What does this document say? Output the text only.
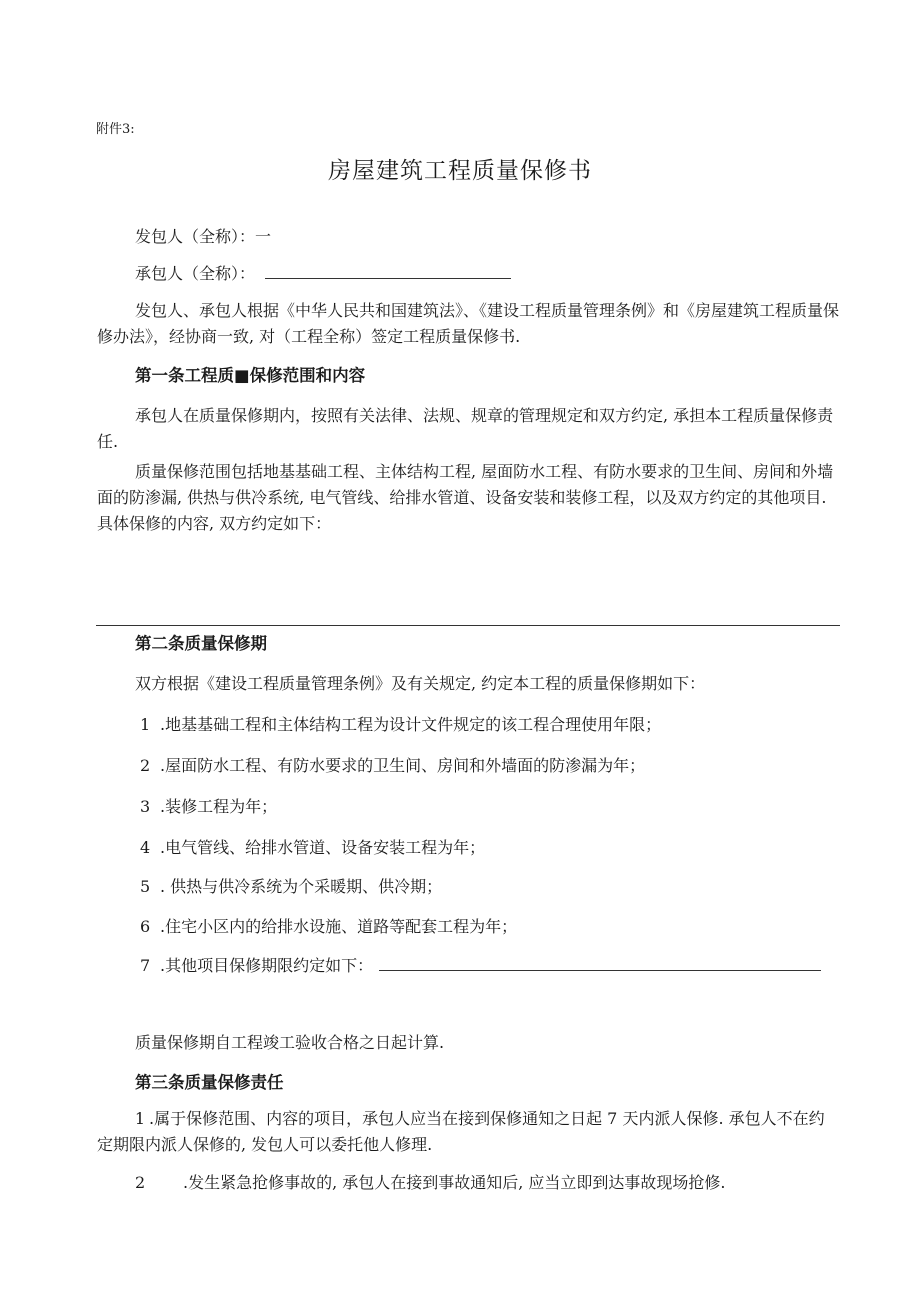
附件3:
房屋建筑工程质量保修书
发包人（全称）：一
承包人（全称）：
发包人、承包人根据《中华人民共和国建筑法》、《建设工程质量管理条例》和《房屋建筑工程质量保修办法》，经协商一致, 对（工程全称）签定工程质量保修书.
第一条工程质■保修范围和内容
承包人在质量保修期内，按照有关法律、法规、规章的管理规定和双方约定, 承担本工程质量保修责任.
质量保修范围包括地基基础工程、主体结构工程, 屋面防水工程、有防水要求的卫生间、房间和外墙面的防渗漏, 供热与供冷系统, 电气管线、给排水管道、设备安装和装修工程，以及双方约定的其他项目. 具体保修的内容, 双方约定如下：
第二条质量保修期
双方根据《建设工程质量管理条例》及有关规定, 约定本工程的质量保修期如下：
1 .地基基础工程和主体结构工程为设计文件规定的该工程合理使用年限；
2 .屋面防水工程、有防水要求的卫生间、房间和外墙面的防渗漏为年；
3 .装修工程为年；
4 .电气管线、给排水管道、设备安装工程为年；
5 . 供热与供冷系统为个采暖期、供冷期；
6 .住宅小区内的给排水设施、道路等配套工程为年；
7 .其他项目保修期限约定如下：
质量保修期自工程竣工验收合格之日起计算.
第三条质量保修责任
1 .属于保修范围、内容的项目，承包人应当在接到保修通知之日起 7 天内派人保修. 承包人不在约定期限内派人保修的, 发包人可以委托他人修理.
2 .发生紧急抢修事故的, 承包人在接到事故通知后, 应当立即到达事故现场抢修.
